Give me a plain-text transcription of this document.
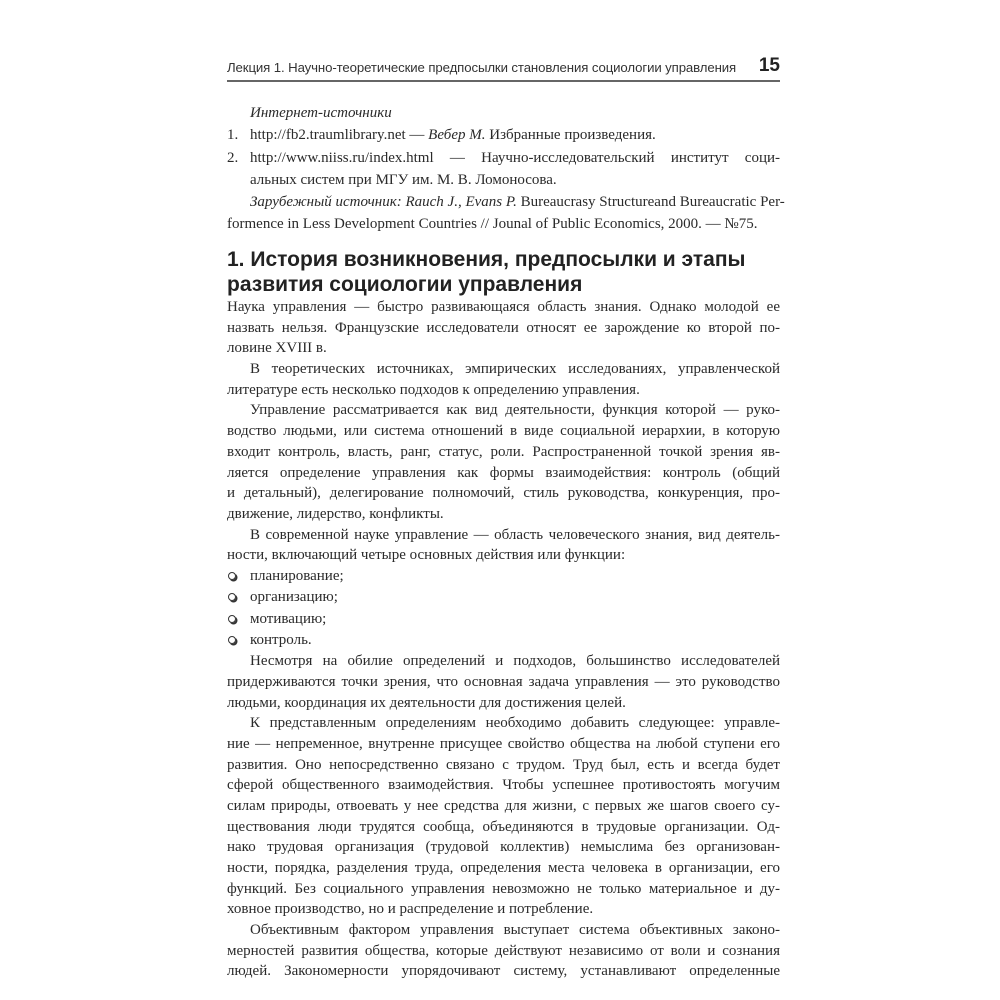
Лекция 1. Научно-теоретические предпосылки становления социологии управления 15
Интернет-источники
http://fb2.traumlibrary.net — Вебер М. Избранные произведения.
1.
http://www.niiss.ru/index.html — Научно-исследовательский институт соци-
2.
альных систем при МГУ им. М. В. Ломоносова.
Зарубежный источник: Rauch J., Evans P. Bureaucrasy Structureand Bureaucratic Per-
formence in Less Development Countries // Jounal of Public Economics, 2000. — №75.
1. История возникновения, предпосылки и этапы
развития социологии управления
Наука управления — быстро развивающаяся область знания. Однако молодой ее
назвать нельзя. Французские исследователи относят ее зарождение ко второй по-
ловине XVIII в.
В теоретических источниках, эмпирических исследованиях, управленческой
литературе есть несколько подходов к определению управления.
Управление рассматривается как вид деятельности, функция которой — руко-
водство людьми, или система отношений в виде социальной иерархии, в которую
входит контроль, власть, ранг, статус, роли. Распространенной точкой зрения яв-
ляется определение управления как формы взаимодействия: контроль (общий
и детальный), делегирование полномочий, стиль руководства, конкуренция, про-
движение, лидерство, конфликты.
В современной науке управление — область человеческого знания, вид деятель-
ности, включающий четыре основных действия или функции:
планирование;
организацию;
мотивацию;
контроль.
Несмотря на обилие определений и подходов, большинство исследователей
придерживаются точки зрения, что основная задача управления — это руководство
людьми, координация их деятельности для достижения целей.
К представленным определениям необходимо добавить следующее: управле-
ние — непременное, внутренне присущее свойство общества на любой ступени его
развития. Оно непосредственно связано с трудом. Труд был, есть и всегда будет
сферой общественного взаимодействия. Чтобы успешнее противостоять могучим
силам природы, отвоевать у нее средства для жизни, с первых же шагов своего су-
ществования люди трудятся сообща, объединяются в трудовые организации. Од-
нако трудовая организация (трудовой коллектив) немыслима без организован-
ности, порядка, разделения труда, определения места человека в организации, его
функций. Без социального управления невозможно не только материальное и ду-
ховное производство, но и распределение и потребление.
Объективным фактором управления выступает система объективных законо-
мерностей развития общества, которые действуют независимо от воли и сознания
людей. Закономерности упорядочивают систему, устанавливают определенные
